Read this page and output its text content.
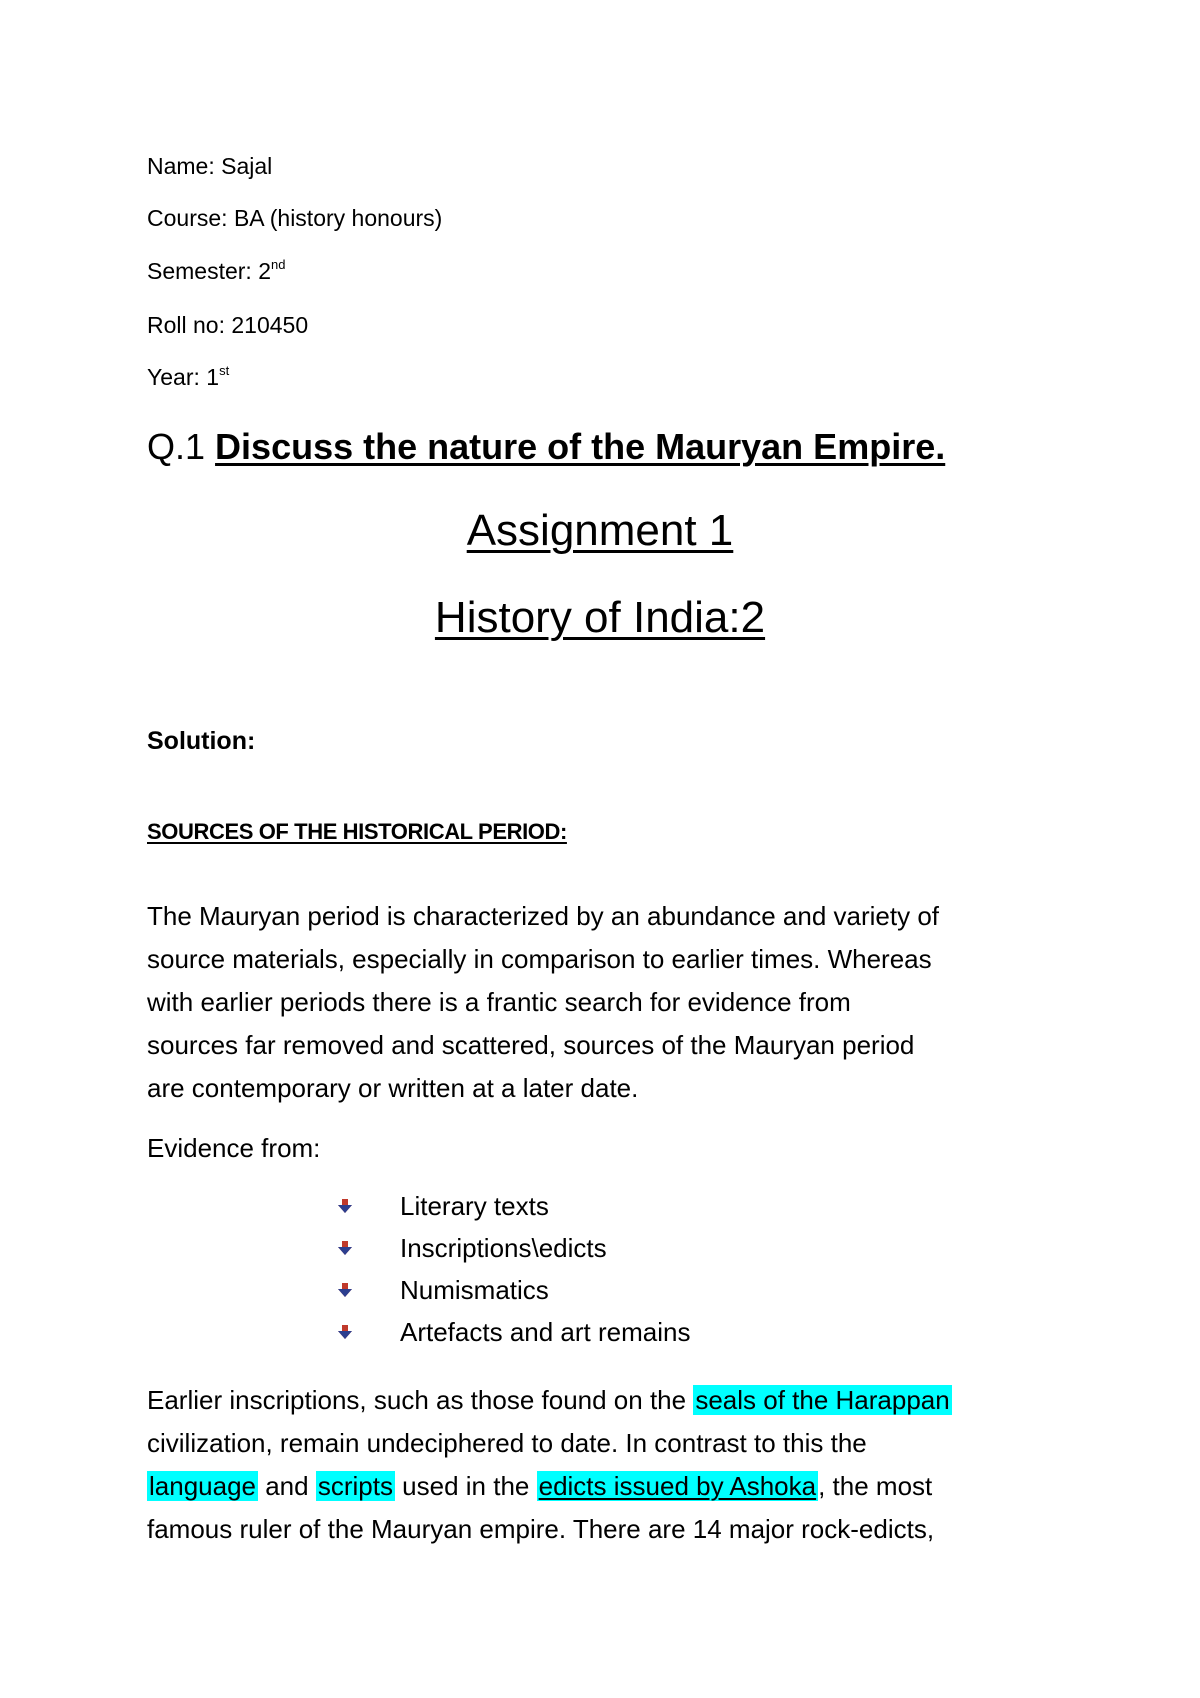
Name: Sajal
Course: BA (history honours)
Semester: 2nd
Roll no: 210450
Year: 1st
Q.1 Discuss the nature of the Mauryan Empire.
Assignment 1
History of India:2
Solution:
SOURCES OF THE HISTORICAL PERIOD:
The Mauryan period is characterized by an abundance and variety of
source materials, especially in comparison to earlier times. Whereas
with earlier periods there is a frantic search for evidence from
sources far removed and scattered, sources of the Mauryan period
are contemporary or written at a later date.
Evidence from:
Literary texts
Inscriptions\edicts
Numismatics
Artefacts and art remains
Earlier inscriptions, such as those found on the seals of the Harappan
civilization, remain undeciphered to date. In contrast to this the
language and scripts used in the edicts issued by Ashoka, the most
famous ruler of the Mauryan empire. There are 14 major rock-edicts,
